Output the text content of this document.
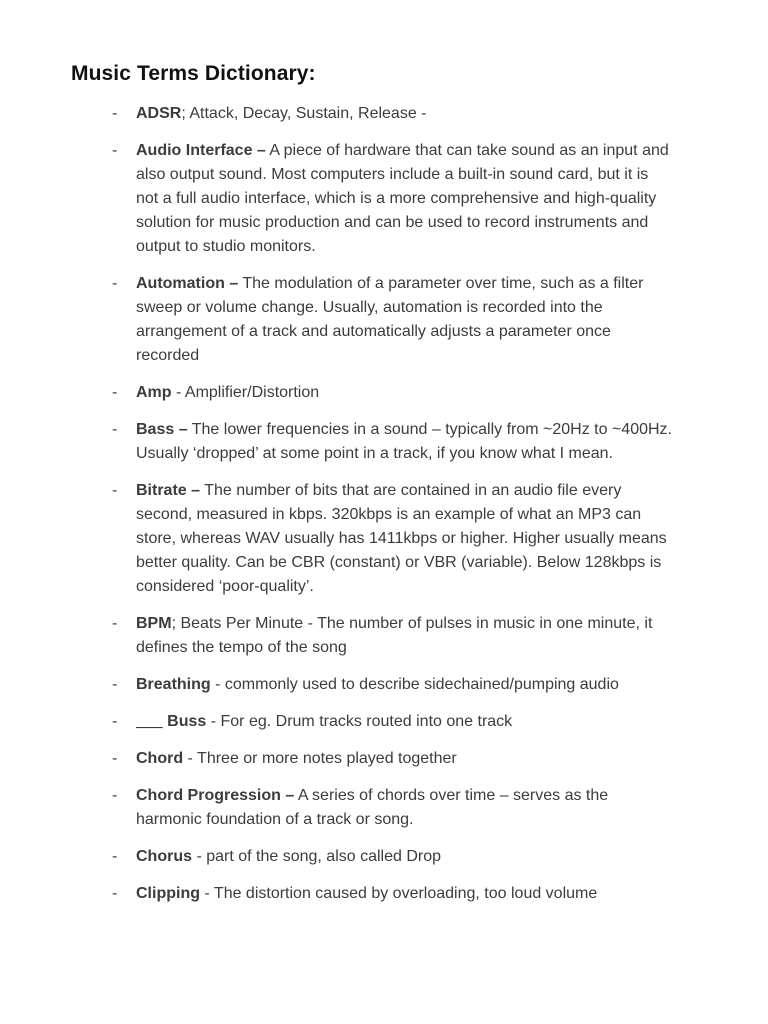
Music Terms Dictionary:
- ADSR; Attack, Decay, Sustain, Release -
- Audio Interface – A piece of hardware that can take sound as an input and also output sound. Most computers include a built-in sound card, but it is not a full audio interface, which is a more comprehensive and high-quality solution for music production and can be used to record instruments and output to studio monitors.
- Automation – The modulation of a parameter over time, such as a filter sweep or volume change. Usually, automation is recorded into the arrangement of a track and automatically adjusts a parameter once recorded
- Amp - Amplifier/Distortion
- Bass – The lower frequencies in a sound – typically from ~20Hz to ~400Hz. Usually ‘dropped’ at some point in a track, if you know what I mean.
- Bitrate – The number of bits that are contained in an audio file every second, measured in kbps. 320kbps is an example of what an MP3 can store, whereas WAV usually has 1411kbps or higher. Higher usually means better quality. Can be CBR (constant) or VBR (variable). Below 128kbps is considered ‘poor-quality’.
- BPM; Beats Per Minute - The number of pulses in music in one minute, it defines the tempo of the song
- Breathing - commonly used to describe sidechained/pumping audio
- ___ Buss - For eg. Drum tracks routed into one track
- Chord - Three or more notes played together
- Chord Progression – A series of chords over time – serves as the harmonic foundation of a track or song.
- Chorus - part of the song, also called Drop
- Clipping - The distortion caused by overloading, too loud volume
